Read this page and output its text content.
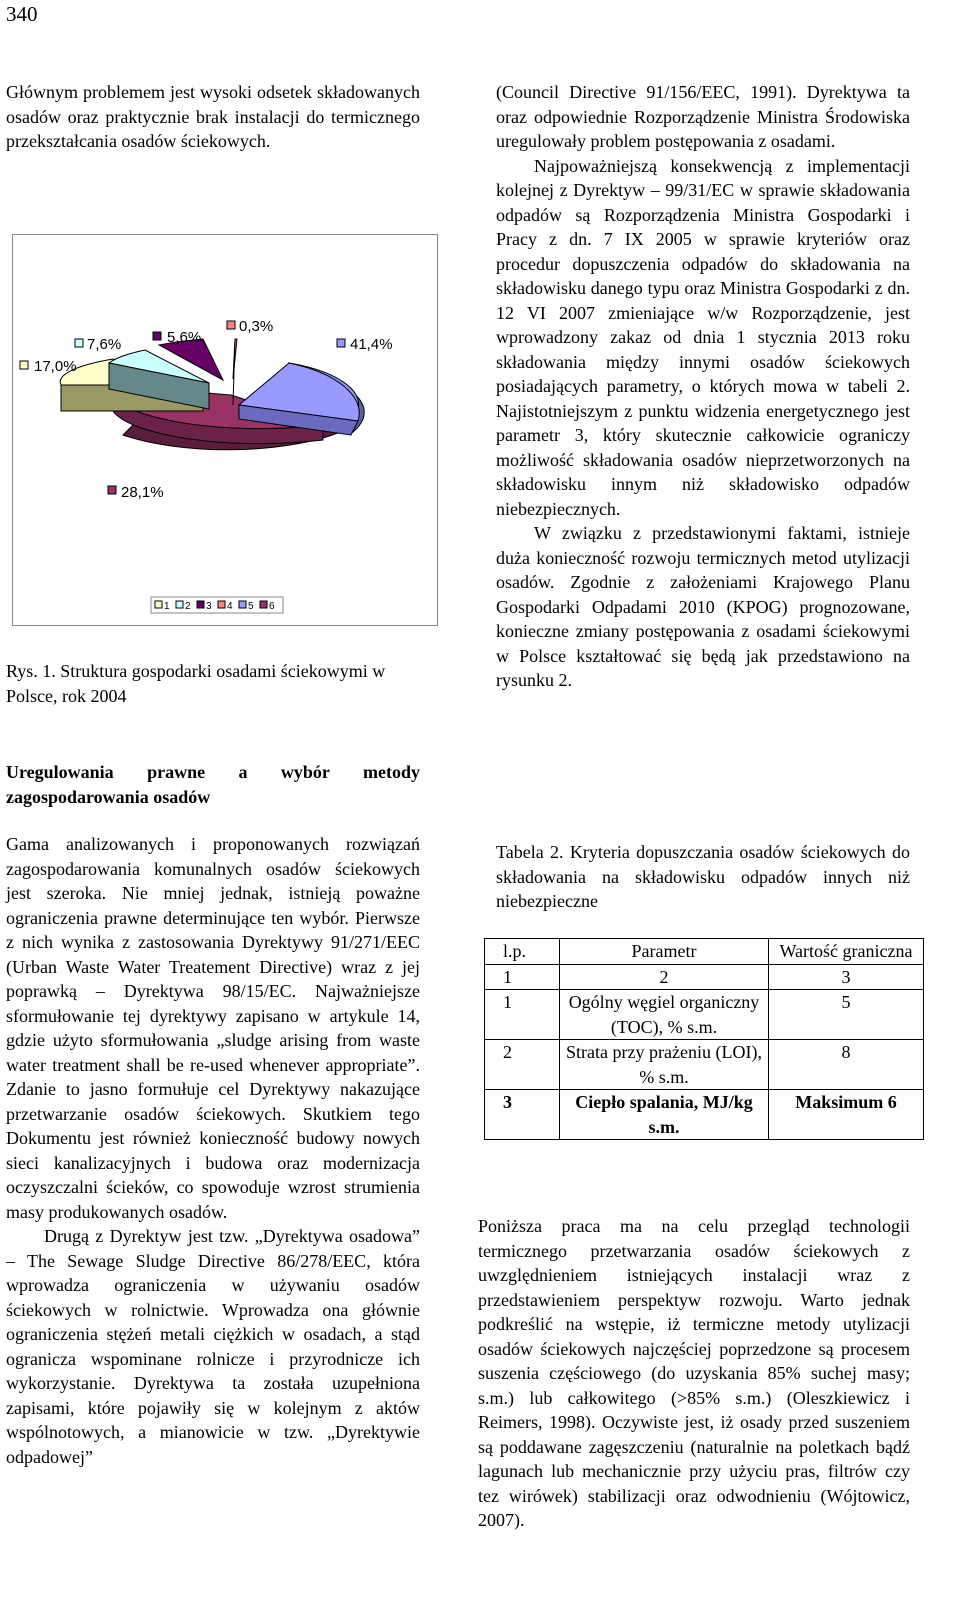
340

Głównym problemem jest wysoki odsetek składowanych osadów oraz praktycznie brak instalacji do termicznego przekształcania osadów ściekowych.

17,0%
7,6%	5,6%
0,3%
41,4%
28,1%
1 2 3 4 5 6
Rys. 1. Struktura gospodarki osadami ściekowymi w Polsce, rok 2004
Uregulowania prawne a wybór metody zagospodarowania osadów

Gama analizowanych i proponowanych rozwiązań zagospodarowania komunalnych osadów ściekowych jest szeroka. Nie mniej jednak, istnieją poważne ograniczenia prawne determinujące ten wybór. Pierwsze z nich wynika z zastosowania Dyrektywy 91/271/EEC (Urban Waste Water Treatement Directive) wraz z jej poprawką – Dyrektywa 98/15/EC. Najważniejsze sformułowanie tej dyrektywy zapisano w artykule 14, gdzie użyto sformułowania „sludge arising from waste water treatment shall be re-used whenever appropriate”. Zdanie to jasno formułuje cel Dyrektywy nakazujące przetwarzanie osadów ściekowych. Skutkiem tego Dokumentu jest również konieczność budowy nowych sieci kanalizacyjnych i budowa oraz modernizacja oczyszczalni ścieków, co spowoduje wzrost strumienia masy produkowanych osadów.

Drugą z Dyrektyw jest tzw. „Dyrektywa osadowa” – The Sewage Sludge Directive 86/278/EEC, która wprowadza ograniczenia w używaniu osadów ściekowych w rolnictwie. Wprowadza ona głównie ograniczenia stężeń metali ciężkich w osadach, a stąd ogranicza wspominane rolnicze i przyrodnicze ich wykorzystanie. Dyrektywa ta została uzupełniona zapisami, które pojawiły się w kolejnym z aktów wspólnotowych, a mianowicie w tzw. „Dyrektywie odpadowej”

(Council Directive 91/156/EEC, 1991). Dyrektywa ta oraz odpowiednie Rozporządzenie Ministra Środowiska uregulowały problem postępowania z osadami.

Najpoważniejszą konsekwencją z implementacji kolejnej z Dyrektyw – 99/31/EC w sprawie składowania odpadów są Rozporządzenia Ministra Gospodarki i Pracy z dn. 7 IX 2005 w sprawie kryteriów oraz procedur dopuszczenia odpadów do składowania na składowisku danego typu oraz Ministra Gospodarki z dn. 12 VI 2007 zmieniające w/w Rozporządzenie, jest wprowadzony zakaz od dnia 1 stycznia 2013 roku składowania między innymi osadów ściekowych posiadających parametry, o których mowa w tabeli 2. Najistotniejszym z punktu widzenia energetycznego jest parametr 3, który skutecznie całkowicie ograniczy możliwość składowania osadów nieprzetworzonych na składowisku innym niż składowisko odpadów niebezpiecznych.

W związku z przedstawionymi faktami, istnieje duża konieczność rozwoju termicznych metod utylizacji osadów. Zgodnie z założeniami Krajowego Planu Gospodarki Odpadami 2010 (KPOG) prognozowane, konieczne zmiany postępowania z osadami ściekowymi w Polsce kształtować się będą jak przedstawiono na rysunku 2.

Tabela 2. Kryteria dopuszczania osadów ściekowych do składowania na składowisku odpadów innych niż niebezpieczne

l.p.	Parametr	Wartość graniczna
1	2	3
1	Ogólny węgiel organiczny (TOC), % s.m.	5
2	Strata przy prażeniu (LOI), % s.m.	8
3	Ciepło spalania, MJ/kg s.m.	Maksimum 6

Poniższa praca ma na celu przegląd technologii termicznego przetwarzania osadów ściekowych z uwzględnieniem istniejących instalacji wraz z przedstawieniem perspektyw rozwoju. Warto jednak podkreślić na wstępie, iż termiczne metody utylizacji osadów ściekowych najczęściej poprzedzone są procesem suszenia częściowego (do uzyskania 85% suchej masy; s.m.) lub całkowitego (>85% s.m.) (Oleszkiewicz i Reimers, 1998). Oczywiste jest, iż osady przed suszeniem są poddawane zagęszczeniu (naturalnie na poletkach bądź lagunach lub mechanicznie przy użyciu pras, filtrów czy tez wirówek) stabilizacji oraz odwodnieniu (Wójtowicz, 2007).
